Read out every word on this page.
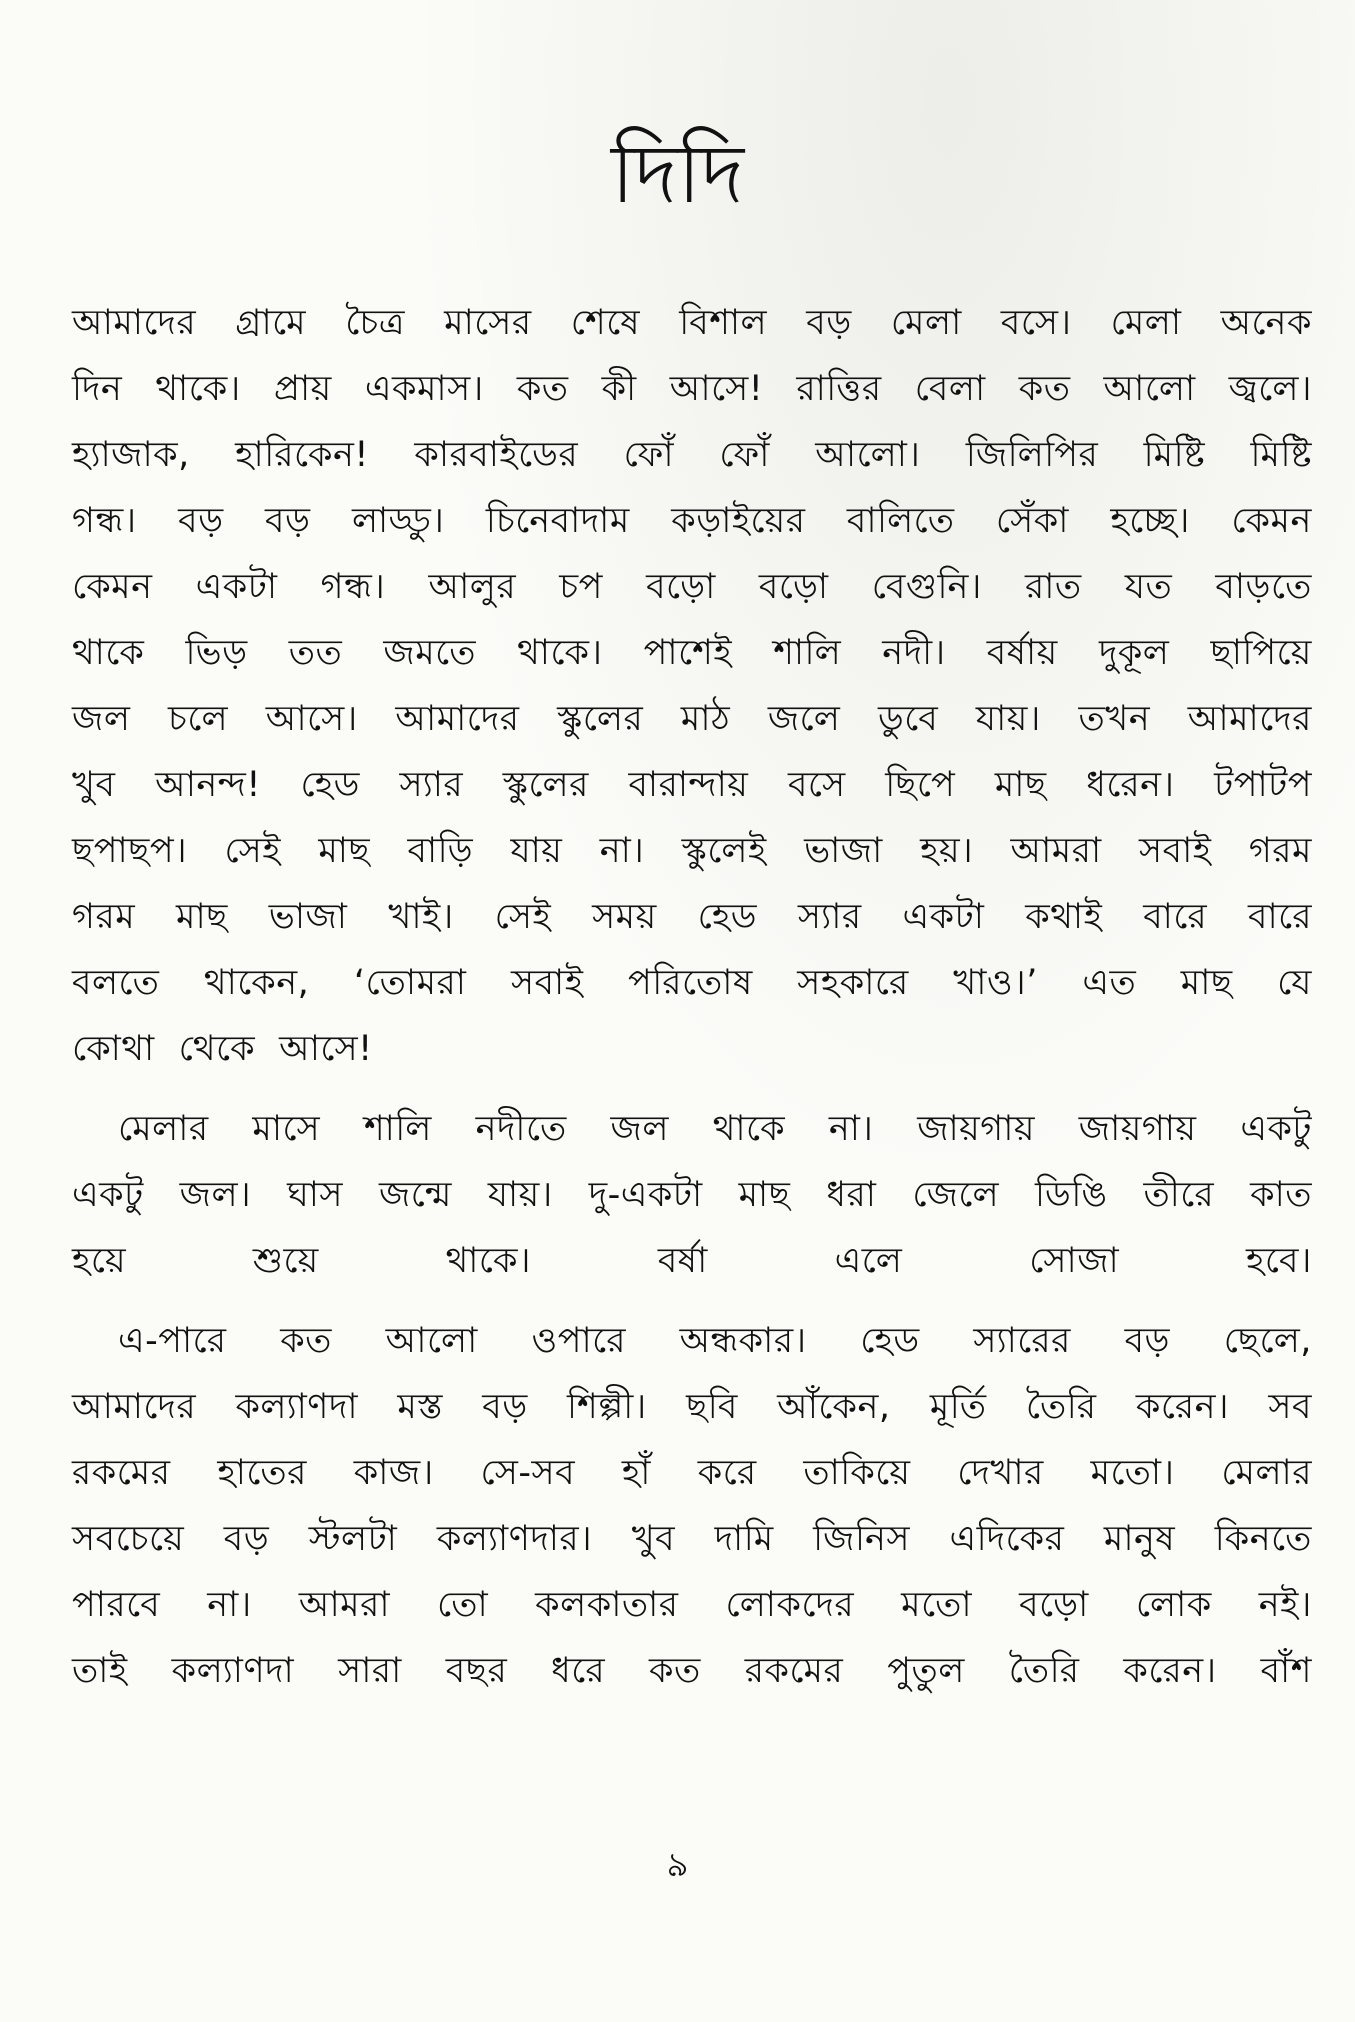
দিদি
আমাদের গ্রামে চৈত্র মাসের শেষে বিশাল বড় মেলা বসে। মেলা অনেক
দিন থাকে। প্রায় একমাস। কত কী আসে! রাত্তির বেলা কত আলো জ্বলে।
হ্যাজাক, হারিকেন! কারবাইডের ফোঁ ফোঁ আলো। জিলিপির মিষ্টি মিষ্টি
গন্ধ। বড় বড় লাড্ডু। চিনেবাদাম কড়াইয়ের বালিতে সেঁকা হচ্ছে। কেমন
কেমন একটা গন্ধ। আলুর চপ বড়ো বড়ো বেগুনি। রাত যত বাড়তে
থাকে ভিড় তত জমতে থাকে। পাশেই শালি নদী। বর্ষায় দুকূল ছাপিয়ে
জল চলে আসে। আমাদের স্কুলের মাঠ জলে ডুবে যায়। তখন আমাদের
খুব আনন্দ! হেড স্যার স্কুলের বারান্দায় বসে ছিপে মাছ ধরেন। টপাটপ
ছপাছপ। সেই মাছ বাড়ি যায় না। স্কুলেই ভাজা হয়। আমরা সবাই গরম
গরম মাছ ভাজা খাই। সেই সময় হেড স্যার একটা কথাই বারে বারে
বলতে থাকেন, ‘তোমরা সবাই পরিতোষ সহকারে খাও।’ এত মাছ যে
কোথা থেকে আসে!
মেলার মাসে শালি নদীতে জল থাকে না। জায়গায় জায়গায় একটু
একটু জল। ঘাস জন্মে যায়। দু-একটা মাছ ধরা জেলে ডিঙি তীরে কাত
হয়ে	শুয়ে	থাকে।	বর্ষা	এলে	সোজা	হবে।
এ-পারে কত আলো ওপারে অন্ধকার। হেড স্যারের বড় ছেলে,
আমাদের কল্যাণদা মস্ত বড় শিল্পী। ছবি আঁকেন, মূর্তি তৈরি করেন। সব
রকমের হাতের কাজ। সে-সব হাঁ করে তাকিয়ে দেখার মতো। মেলার
সবচেয়ে বড় স্টলটা কল্যাণদার। খুব দামি জিনিস এদিকের মানুষ কিনতে
পারবে না। আমরা তো কলকাতার লোকদের মতো বড়ো লোক নই।
তাই কল্যাণদা সারা বছর ধরে কত রকমের পুতুল তৈরি করেন। বাঁশ
৯
